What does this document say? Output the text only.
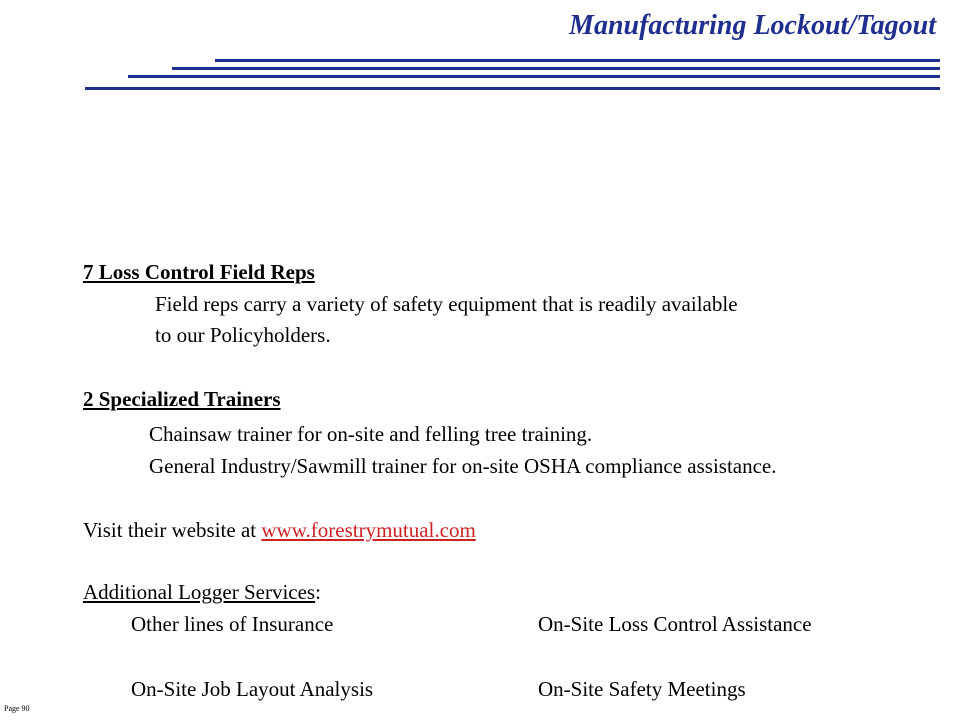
Manufacturing Lockout/Tagout
7 Loss Control Field Reps
Field reps carry a variety of safety equipment that is readily available
to our Policyholders.
2 Specialized Trainers
Chainsaw trainer for on-site and felling tree training.
General Industry/Sawmill trainer for on-site OSHA compliance assistance.
Visit their website at www.forestrymutual.com
Additional Logger Services:
Other lines of Insurance	On-Site Loss Control Assistance
On-Site Job Layout Analysis	On-Site Safety Meetings
Page 90
